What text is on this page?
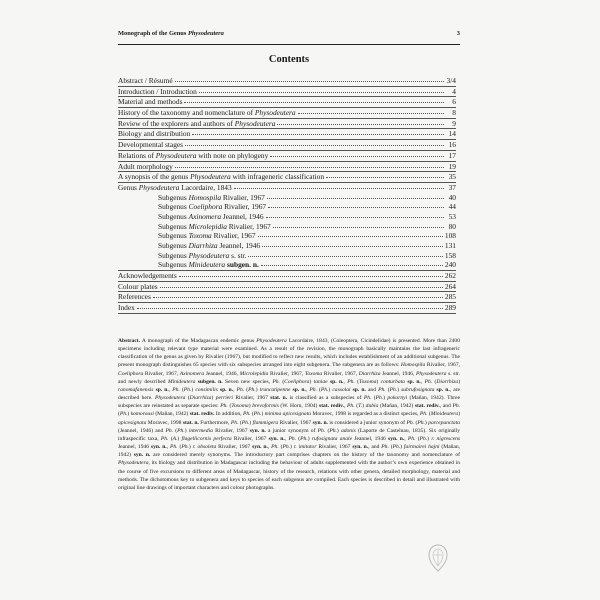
Monograph of the Genus Physodeutera	3
Contents
Abstract / Résumé	3/4
Introduction / Introduction	4
Material and methods	6
History of the taxonomy and nomenclature of Physodeutera	8
Review of the explorers and authors of Physodeutera	9
Biology and distribution	14
Developmental stages	16
Relations of Physodeutera with note on phylogeny	17
Adult morphology	19
A synopsis of the genus Physodeutera with infrageneric classification	35
Genus Physodeutera Lacordaire, 1843	37
Subgenus Homospila Rivalier, 1967	40
Subgenus Coeliphora Rivalier, 1967	44
Subgenus Axinomera Jeannel, 1946	53
Subgenus Microlepidia Rivalier, 1967	80
Subgenus Toxoma Rivalier, 1967	108
Subgenus Diarrhiza Jeannel, 1946	131
Subgenus Physodeutera s. str.	158
Subgenus Minideutera subgen. n.	240
Acknowledgements	262
Colour plates	264
References	285
Index	289
Abstract. A monograph of the Madagascan endemic genus Physodeutera Lacordaire, 1843, (Coleoptera, Cicindelidae) is presented. More than 2400 specimens including relevant type material were examined. As a result of the revision, the monograph basically maintains the last infrageneric classification of the genus as given by Rivalier (1967), but modified to reflect new results, which includes establishment of an additional subgenus. The present monograph distinguishes 65 species with six subspecies arranged into eight subgenera. The subgenera are as follows: Homospila Rivalier, 1967, Coeliphora Rivalier, 1967, Axinomera Jeannel, 1946, Microlepidia Rivalier, 1967, Toxoma Rivalier, 1967, Diarrhiza Jeannel, 1946, Physodeutera s. str. and newly described Minideutera subgen. n. Seven new species, Ph. (Coeliphora) taniae sp. n., Ph. (Toxoma) conturbata sp. n., Ph. (Diarrhiza) ranomafanensis sp. n., Ph. (Ph.) consimilis sp. n., Ph. (Ph.) truncatipenne sp. n., Ph. (Ph.) cassolai sp. n. and Ph. (Ph.) subrufosignata sp. n., are described here. Physodeutera (Diarrhiza) perrieri Rivalier, 1967 stat. n. is classified as a subspecies of Ph. (Ph.) pokornyi (Maňan, 1942). Three subspecies are reinstated as separate species: Ph. (Toxoma) brevoformis (W. Horn, 1904) stat. rediv., Ph. (T.) dubia (Maňan, 1942) stat. rediv., and Ph. (Ph.) komorousi (Maňan, 1942) stat. rediv. In addition, Ph. (Ph.) minima apicesignata Moravec, 1998 is regarded as a distinct species, Ph. (Minideutera) apicesignata Moravec, 1998 stat. n. Furthermore, Ph. (Ph.) flammigera Rivalier, 1967 syn. n. is considered a junior synonym of Ph. (Ph.) parcepunctata (Jeannel, 1946) and Ph. (Ph.) intermedia Rivalier, 1967 syn. n. a junior synonym of Ph. (Ph.) adonis (Laporte de Castelnau, 1835). Six originally infraspecific taxa, Ph. (A.) flagellicornis perfecta Rivalier, 1967 syn. n., Ph. (Ph.) rufosignata anale Jeannel, 1946 syn. n., Ph. (Ph.) r. nigrescens Jeannel, 1946 syn. n., Ph. (Ph.) r. obsoleta Rivalier, 1967 syn. n., Ph. (Ph.) r. imitator Rivalier, 1967 syn. n., and Ph. (Ph.) fairmairei hajni (Maňan, 1942) syn. n. are considered merely synonyms. The introductory part comprises chapters on the history of the taxonomy and nomenclature of Physodeutera, its biology and distribution in Madagascar including the behaviour of adults supplemented with the author’s own experience obtained in the course of five excursions to different areas of Madagascar, history of the research, relations with other genera, detailed morphology, material and methods. The dichotomous key to subgenera and keys to species of each subgenus are compiled. Each species is described in detail and illustrated with original line drawings of important characters and colour photographs.
